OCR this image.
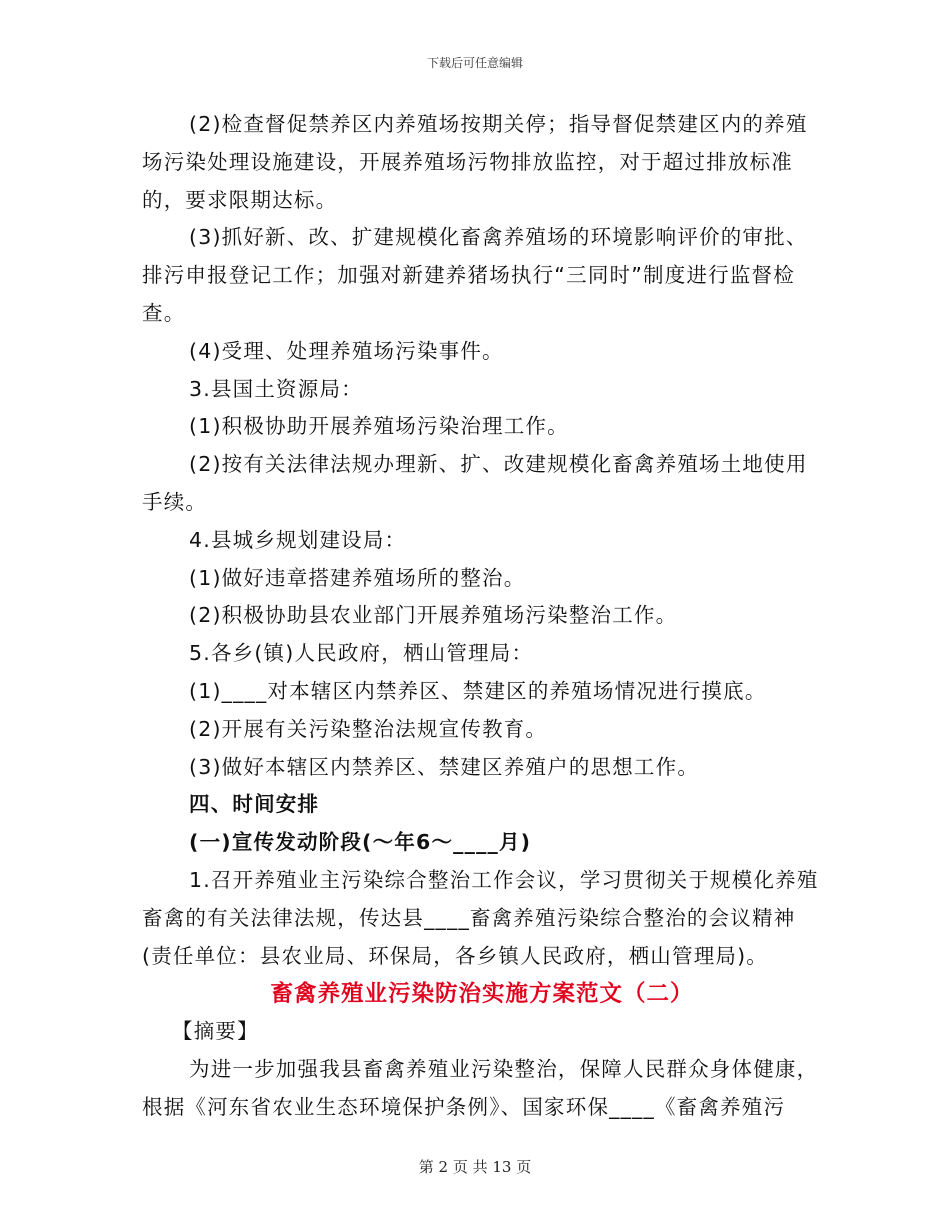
下载后可任意编辑

(2)检查督促禁养区内养殖场按期关停；指导督促禁建区内的养殖场污染处理设施建设，开展养殖场污物排放监控，对于超过排放标准的，要求限期达标。

(3)抓好新、改、扩建规模化畜禽养殖场的环境影响评价的审批、排污申报登记工作；加强对新建养猪场执行“三同时”制度进行监督检查。

(4)受理、处理养殖场污染事件。

3.县国土资源局：

(1)积极协助开展养殖场污染治理工作。

(2)按有关法律法规办理新、扩、改建规模化畜禽养殖场土地使用手续。

4.县城乡规划建设局：

(1)做好违章搭建养殖场所的整治。

(2)积极协助县农业部门开展养殖场污染整治工作。

5.各乡(镇)人民政府，栖山管理局：

(1)____对本辖区内禁养区、禁建区的养殖场情况进行摸底。

(2)开展有关污染整治法规宣传教育。

(3)做好本辖区内禁养区、禁建区养殖户的思想工作。

四、时间安排

(一)宣传发动阶段(～年6～____月)

1.召开养殖业主污染综合整治工作会议，学习贯彻关于规模化养殖畜禽的有关法律法规，传达县____畜禽养殖污染综合整治的会议精神(责任单位：县农业局、环保局，各乡镇人民政府，栖山管理局)。

畜禽养殖业污染防治实施方案范文（二）

【摘要】

为进一步加强我县畜禽养殖业污染整治，保障人民群众身体健康，根据《河东省农业生态环境保护条例》、国家环保____《畜禽养殖污

第 2 页 共 13 页
